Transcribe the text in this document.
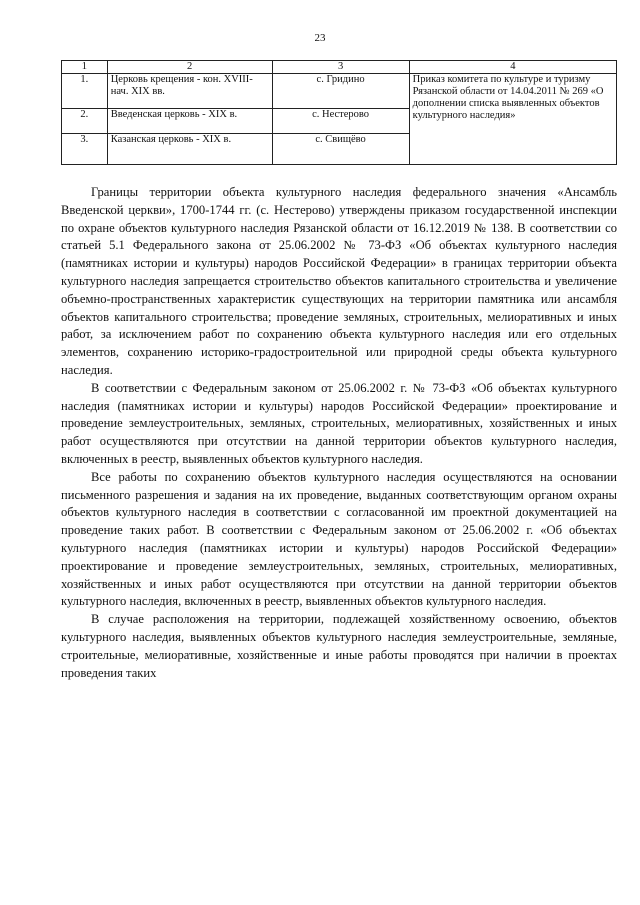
23
1	2	3	4
1.	Церковь крещения - кон. XVIII-нач. XIX вв.	с. Гридино	Приказ комитета по культуре и туризму Рязанской области от 14.04.2011 № 269 «О дополнении списка выявленных объектов культурного наследия»
2.	Введенская церковь - XIX в.	с. Нестерово	
3.	Казанская церковь - XIX в.	с. Свищёво	

Границы территории объекта культурного наследия федерального значения «Ансамбль Введенской церкви», 1700-1744 гг. (с. Нестерово) утверждены приказом государственной инспекции по охране объектов культурного наследия Рязанской области от 16.12.2019 № 138. В соответствии со статьей 5.1 Федерального закона от 25.06.2002 № 73-ФЗ «Об объектах культурного наследия (памятниках истории и культуры) народов Российской Федерации» в границах территории объекта культурного наследия запрещается строительство объектов капитального строительства и увеличение объемно-пространственных характеристик существующих на территории памятника или ансамбля объектов капитального строительства; проведение земляных, строительных, мелиоративных и иных работ, за исключением работ по сохранению объекта культурного наследия или его отдельных элементов, сохранению историко-градостроительной или природной среды объекта культурного наследия.

В соответствии с Федеральным законом от 25.06.2002 г. № 73-ФЗ «Об объектах культурного наследия (памятниках истории и культуры) народов Российской Федерации» проектирование и проведение землеустроительных, земляных, строительных, мелиоративных, хозяйственных и иных работ осуществляются при отсутствии на данной территории объектов культурного наследия, включенных в реестр, выявленных объектов культурного наследия.

Все работы по сохранению объектов культурного наследия осуществляются на основании письменного разрешения и задания на их проведение, выданных соответствующим органом охраны объектов культурного наследия в соответствии с согласованной им проектной документацией на проведение таких работ. В соответствии с Федеральным законом от 25.06.2002 г. «Об объектах культурного наследия (памятниках истории и культуры) народов Российской Федерации» проектирование и проведение землеустроительных, земляных, строительных, мелиоративных, хозяйственных и иных работ осуществляются при отсутствии на данной территории объектов культурного наследия, включенных в реестр, выявленных объектов культурного наследия.

В случае расположения на территории, подлежащей хозяйственному освоению, объектов культурного наследия, выявленных объектов культурного наследия землеустроительные, земляные, строительные, мелиоративные, хозяйственные и иные работы проводятся при наличии в проектах проведения таких
